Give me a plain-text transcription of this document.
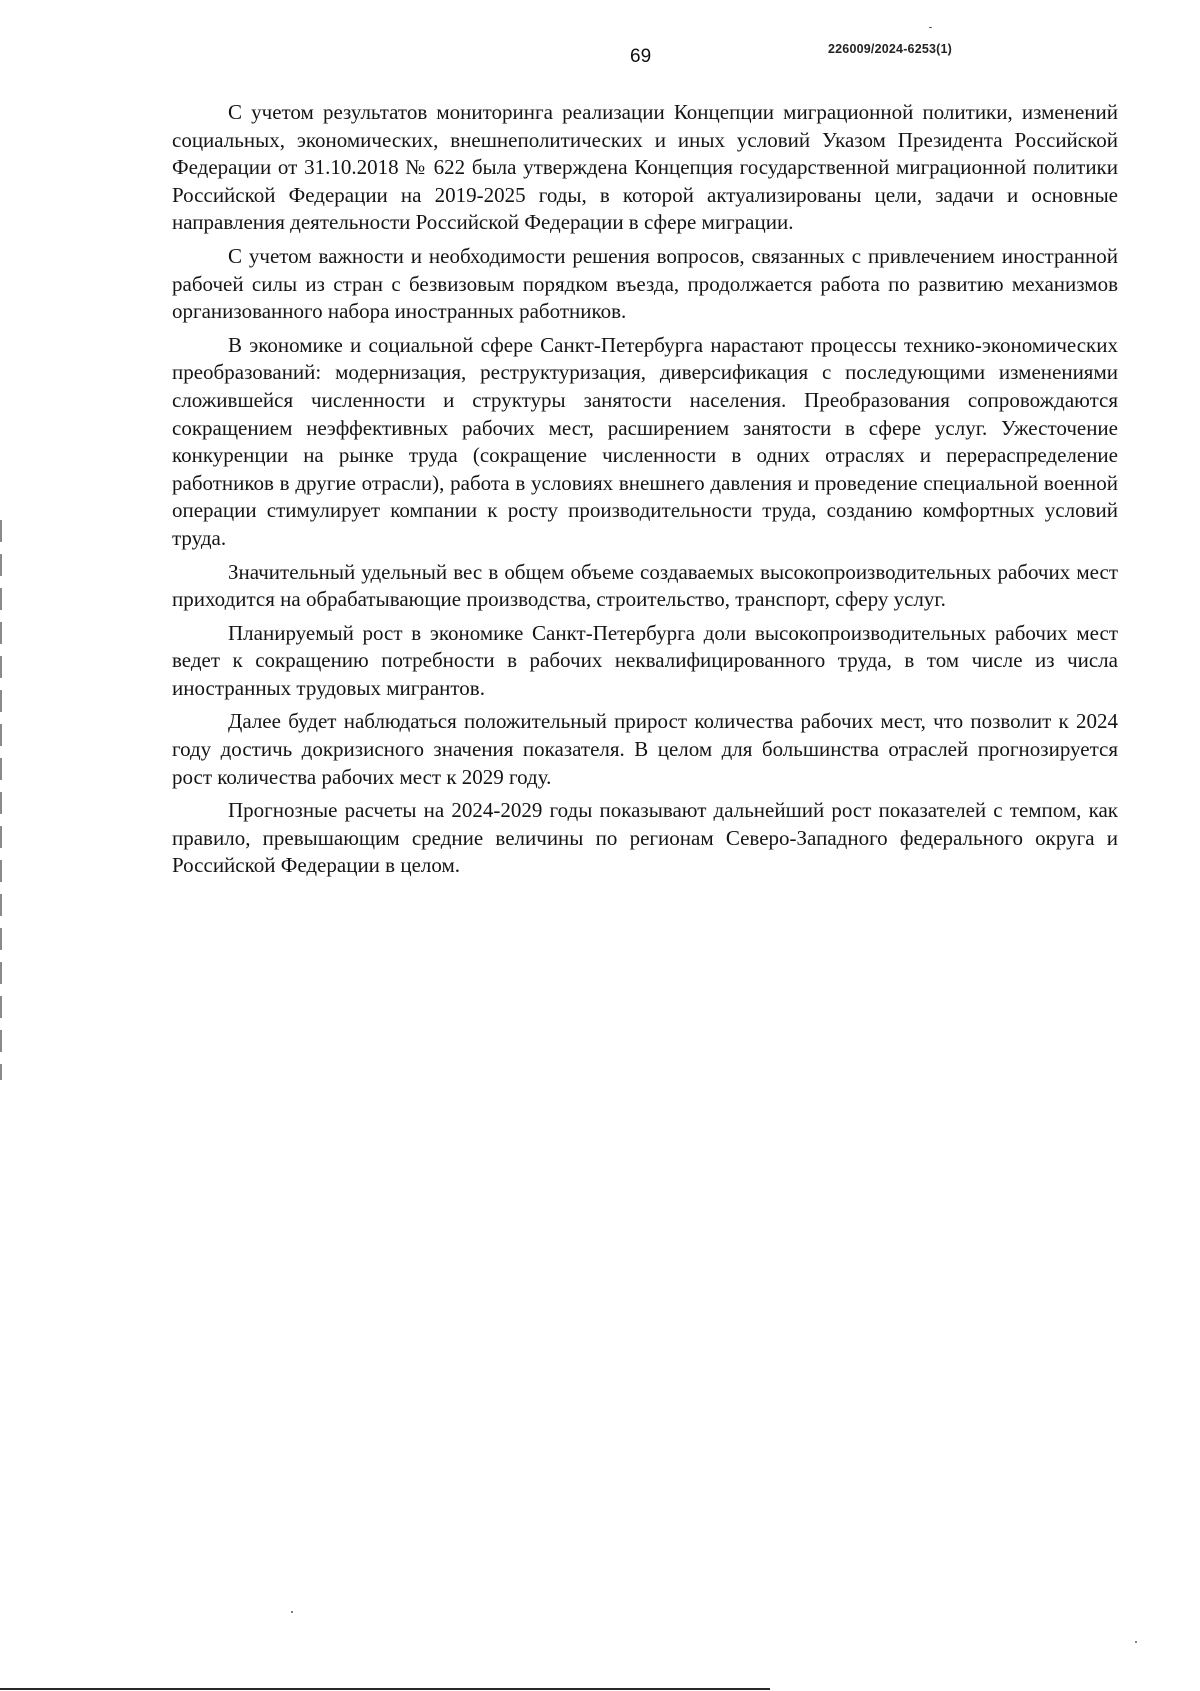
69	226009/2024-6253(1)

С учетом результатов мониторинга реализации Концепции миграционной политики, изменений социальных, экономических, внешнеполитических и иных условий Указом Президента Российской Федерации от 31.10.2018 № 622 была утверждена Концепция государственной миграционной политики Российской Федерации на 2019-2025 годы, в которой актуализированы цели, задачи и основные направления деятельности Российской Федерации в сфере миграции.

С учетом важности и необходимости решения вопросов, связанных с привлечением иностранной рабочей силы из стран с безвизовым порядком въезда, продолжается работа по развитию механизмов организованного набора иностранных работников.

В экономике и социальной сфере Санкт-Петербурга нарастают процессы технико-экономических преобразований: модернизация, реструктуризация, диверсификация с последующими изменениями сложившейся численности и структуры занятости населения. Преобразования сопровождаются сокращением неэффективных рабочих мест, расширением занятости в сфере услуг. Ужесточение конкуренции на рынке труда (сокращение численности в одних отраслях и перераспределение работников в другие отрасли), работа в условиях внешнего давления и проведение специальной военной операции стимулирует компании к росту производительности труда, созданию комфортных условий труда.

Значительный удельный вес в общем объеме создаваемых высокопроизводительных рабочих мест приходится на обрабатывающие производства, строительство, транспорт, сферу услуг.

Планируемый рост в экономике Санкт-Петербурга доли высокопроизводительных рабочих мест ведет к сокращению потребности в рабочих неквалифицированного труда, в том числе из числа иностранных трудовых мигрантов.

Далее будет наблюдаться положительный прирост количества рабочих мест, что позволит к 2024 году достичь докризисного значения показателя. В целом для большинства отраслей прогнозируется рост количества рабочих мест к 2029 году.

Прогнозные расчеты на 2024-2029 годы показывают дальнейший рост показателей с темпом, как правило, превышающим средние величины по регионам Северо-Западного федерального округа и Российской Федерации в целом.
